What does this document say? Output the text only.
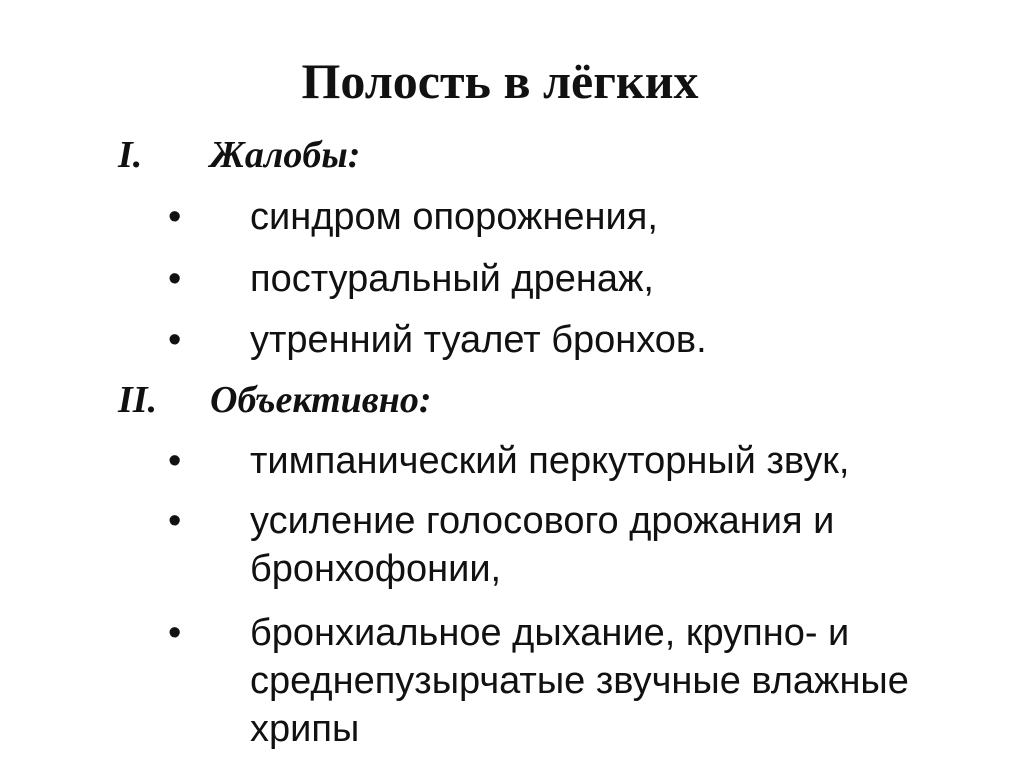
Полость в лёгких
I. Жалобы:
• синдром опорожнения,
• постуральный дренаж,
• утренний туалет бронхов.
II. Объективно:
• тимпанический перкуторный звук,
• усиление голосового дрожания и бронхофонии,
• бронхиальное дыхание, крупно- и среднепузырчатые звучные влажные хрипы
